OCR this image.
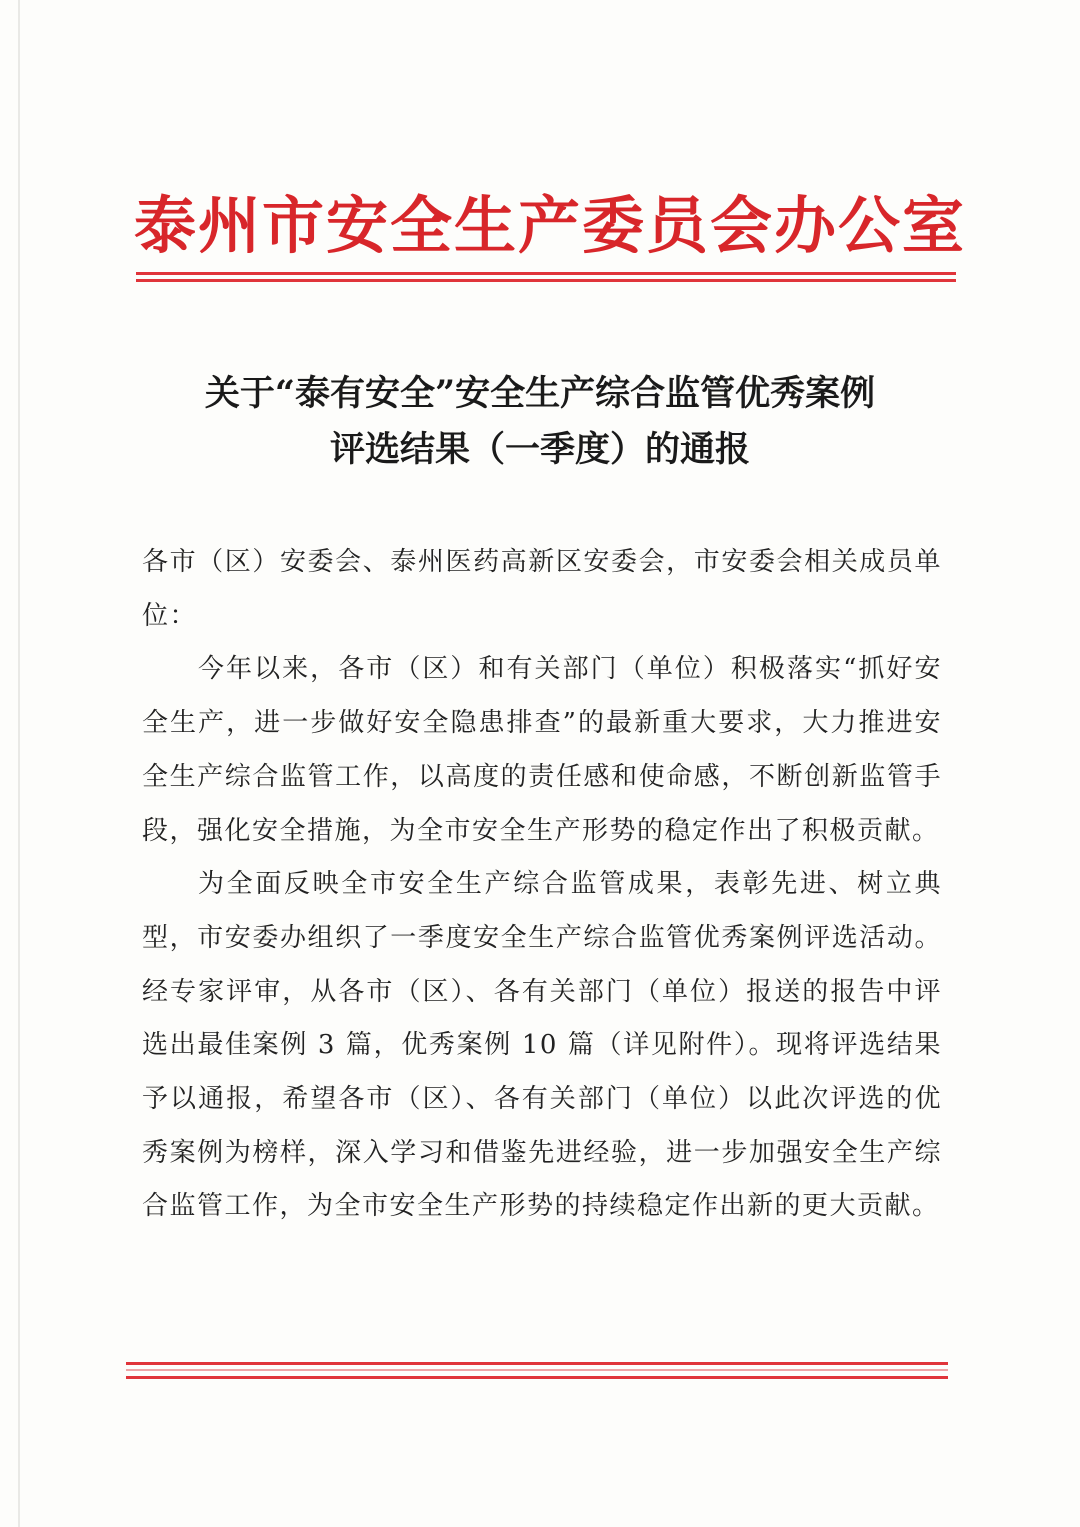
泰州市安全生产委员会办公室
关于“泰有安全”安全生产综合监管优秀案例
评选结果（一季度）的通报

各市（区）安委会、泰州医药高新区安委会，市安委会相关成员单位：

今年以来，各市（区）和有关部门（单位）积极落实“抓好安全生产，进一步做好安全隐患排查”的最新重大要求，大力推进安全生产综合监管工作，以高度的责任感和使命感，不断创新监管手段，强化安全措施，为全市安全生产形势的稳定作出了积极贡献。

为全面反映全市安全生产综合监管成果，表彰先进、树立典型，市安委办组织了一季度安全生产综合监管优秀案例评选活动。经专家评审，从各市（区）、各有关部门（单位）报送的报告中评选出最佳案例 3 篇，优秀案例 10 篇（详见附件）。现将评选结果予以通报，希望各市（区）、各有关部门（单位）以此次评选的优秀案例为榜样，深入学习和借鉴先进经验，进一步加强安全生产综合监管工作，为全市安全生产形势的持续稳定作出新的更大贡献。
